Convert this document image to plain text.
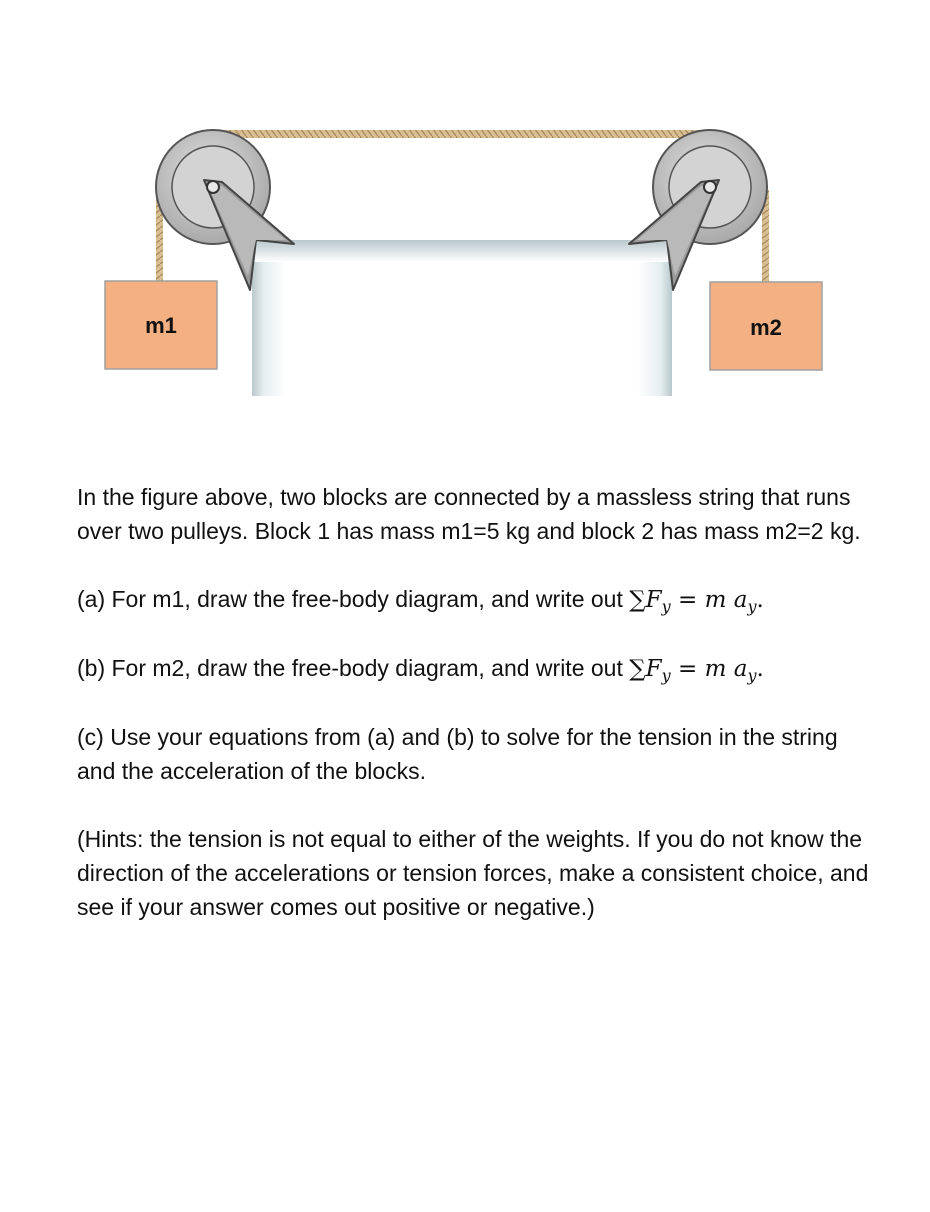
m1	m2

In the figure above, two blocks are connected by a massless string that runs over two pulleys. Block 1 has mass m1=5 kg and block 2 has mass m2=2 kg.

(a) For m1, draw the free-body diagram, and write out $\sum F_y = m$ $a_y$.

(b) For m2, draw the free-body diagram, and write out $\sum F_y = m$ $a_y$.

(c) Use your equations from (a) and (b) to solve for the tension in the string and the acceleration of the blocks.

(Hints: the tension is not equal to either of the weights. If you do not know the direction of the accelerations or tension forces, make a consistent choice, and see if your answer comes out positive or negative.)
